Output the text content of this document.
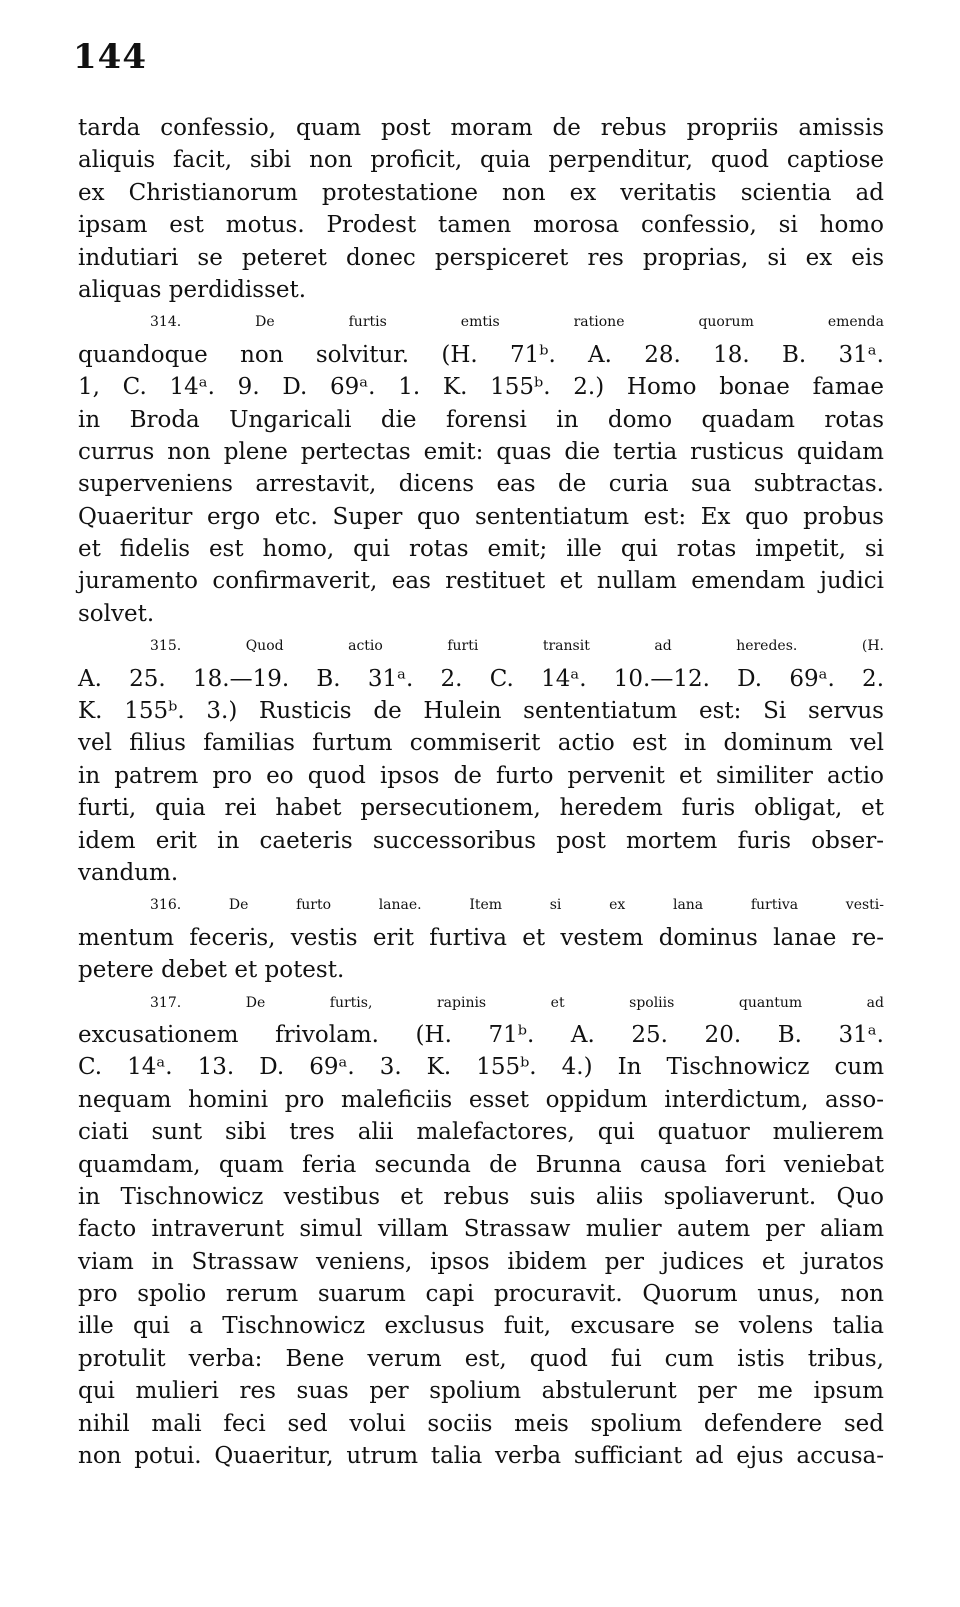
144
tarda confessio, quam post moram de rebus propriis amissis
aliquis facit, sibi non proficit, quia perpenditur, quod captiose
ex Christianorum protestatione non ex veritatis scientia ad
ipsam est motus. Prodest tamen morosa confessio, si homo
indutiari se peteret donec perspiceret res proprias, si ex eis
aliquas perdidisset.
314. De furtis emtis ratione quorum emenda
quandoque non solvitur. (H. 71ᵇ. A. 28. 18. B. 31ᵃ.
1, C. 14ᵃ. 9. D. 69ᵃ. 1. K. 155ᵇ. 2.) Homo bonae famae
in Broda Ungaricali die forensi in domo quadam rotas
currus non plene pertectas emit: quas die tertia rusticus quidam
superveniens arrestavit, dicens eas de curia sua subtractas.
Quaeritur ergo etc. Super quo sententiatum est: Ex quo probus
et fidelis est homo, qui rotas emit; ille qui rotas impetit, si
juramento confirmaverit, eas restituet et nullam emendam judici
solvet.
315. Quod actio furti transit ad heredes. (H.
A. 25. 18.—19. B. 31ᵃ. 2. C. 14ᵃ. 10.—12. D. 69ᵃ. 2.
K. 155ᵇ. 3.) Rusticis de Hulein sententiatum est: Si servus
vel filius familias furtum commiserit actio est in dominum vel
in patrem pro eo quod ipsos de furto pervenit et similiter actio
furti, quia rei habet persecutionem, heredem furis obligat, et
idem erit in caeteris successoribus post mortem furis obser-
vandum.
316. De furto lanae. Item si ex lana furtiva vesti-
mentum feceris, vestis erit furtiva et vestem dominus lanae re-
petere debet et potest.
317. De furtis, rapinis et spoliis quantum ad
excusationem frivolam. (H. 71ᵇ. A. 25. 20. B. 31ᵃ.
C. 14ᵃ. 13. D. 69ᵃ. 3. K. 155ᵇ. 4.) In Tischnowicz cum
nequam homini pro maleficiis esset oppidum interdictum, asso-
ciati sunt sibi tres alii malefactores, qui quatuor mulierem
quamdam, quam feria secunda de Brunna causa fori veniebat
in Tischnowicz vestibus et rebus suis aliis spoliaverunt. Quo
facto intraverunt simul villam Strassaw mulier autem per aliam
viam in Strassaw veniens, ipsos ibidem per judices et juratos
pro spolio rerum suarum capi procuravit. Quorum unus, non
ille qui a Tischnowicz exclusus fuit, excusare se volens talia
protulit verba: Bene verum est, quod fui cum istis tribus,
qui mulieri res suas per spolium abstulerunt per me ipsum
nihil mali feci sed volui sociis meis spolium defendere sed
non potui. Quaeritur, utrum talia verba sufficiant ad ejus accusa-
